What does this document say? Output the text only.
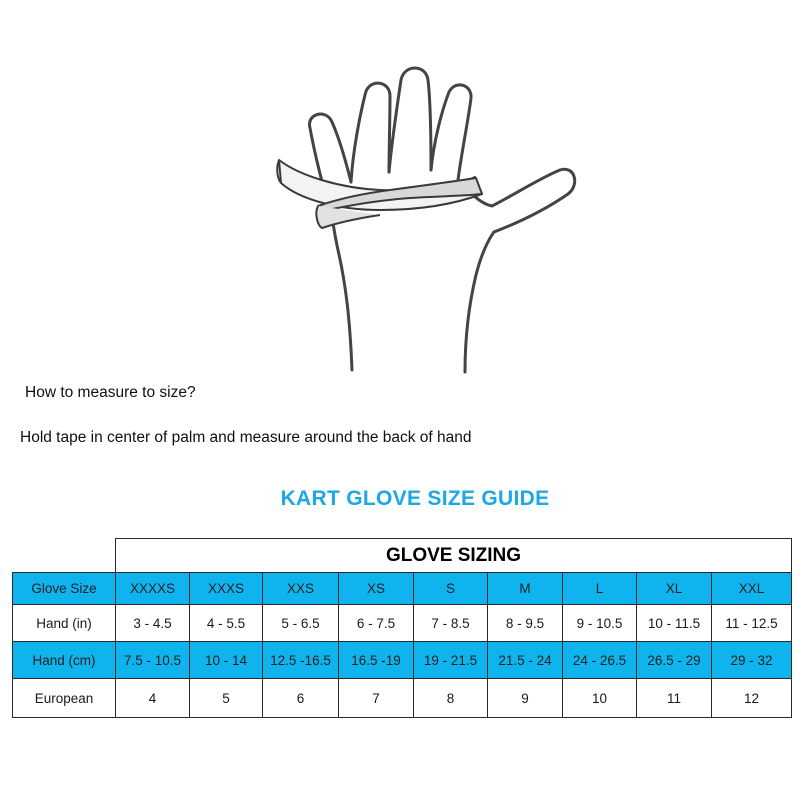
How to measure to size?
Hold tape in center of palm and measure around the back of hand
KART GLOVE SIZE GUIDE
	GLOVE SIZING								
Glove Size	XXXXS	XXXS	XXS	XS	S	M	L	XL	XXL
Hand (in)	3 - 4.5	4 - 5.5	5 - 6.5	6 - 7.5	7 - 8.5	8 - 9.5	9 - 10.5	10 - 11.5	11 - 12.5
Hand (cm)	7.5 - 10.5	10 - 14	12.5 -16.5	16.5 -19	19 - 21.5	21.5 - 24	24 - 26.5	26.5 - 29	29 - 32
European	4	5	6	7	8	9	10	11	12
